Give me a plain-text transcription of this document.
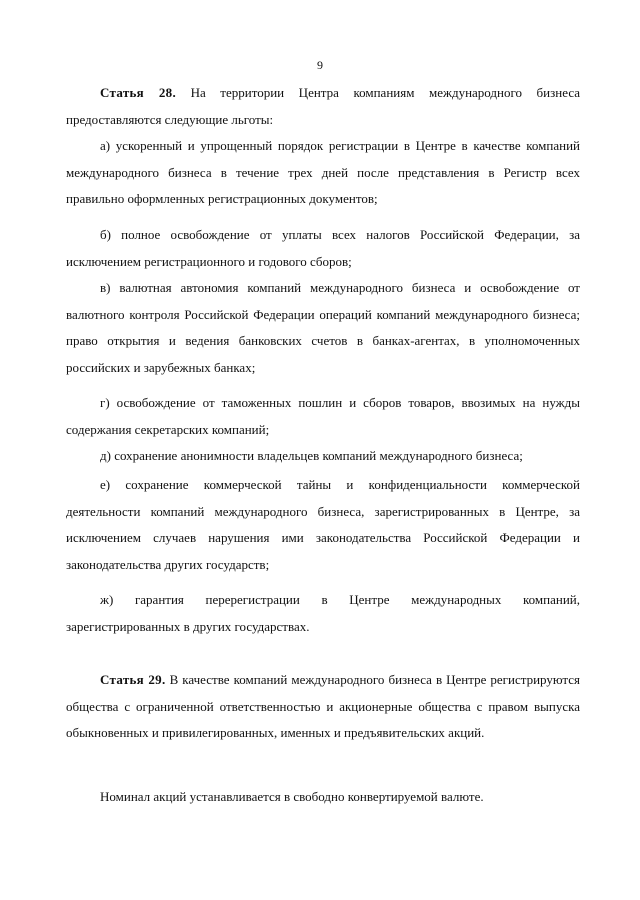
9

Статья 28. На территории Центра компаниям международного бизнеса предоставляются следующие льготы:

а) ускоренный и упрощенный порядок регистрации в Центре в качестве компаний международного бизнеса в течение трех дней после представления в Регистр всех правильно оформленных регистрационных документов;

б) полное освобождение от уплаты всех налогов Российской Федерации, за исключением регистрационного и годового сборов;

в) валютная автономия компаний международного бизнеса и освобождение от валютного контроля Российской Федерации операций компаний международного бизнеса; право открытия и ведения банковских счетов в банках-агентах, в уполномоченных российских и зарубежных банках;

г) освобождение от таможенных пошлин и сборов товаров, ввозимых на нужды содержания секретарских компаний;

д) сохранение анонимности владельцев компаний международного бизнеса;

е) сохранение коммерческой тайны и конфиденциальности коммерческой деятельности компаний международного бизнеса, зарегистрированных в Центре, за исключением случаев нарушения ими законодательства Российской Федерации и законодательства других государств;

ж) гарантия перерегистрации в Центре международных компаний, зарегистрированных в других государствах.

Статья 29. В качестве компаний международного бизнеса в Центре регистрируются общества с ограниченной ответственностью и акционерные общества с правом выпуска обыкновенных и привилегированных, именных и предъявительских акций.

Номинал акций устанавливается в свободно конвертируемой валюте.
